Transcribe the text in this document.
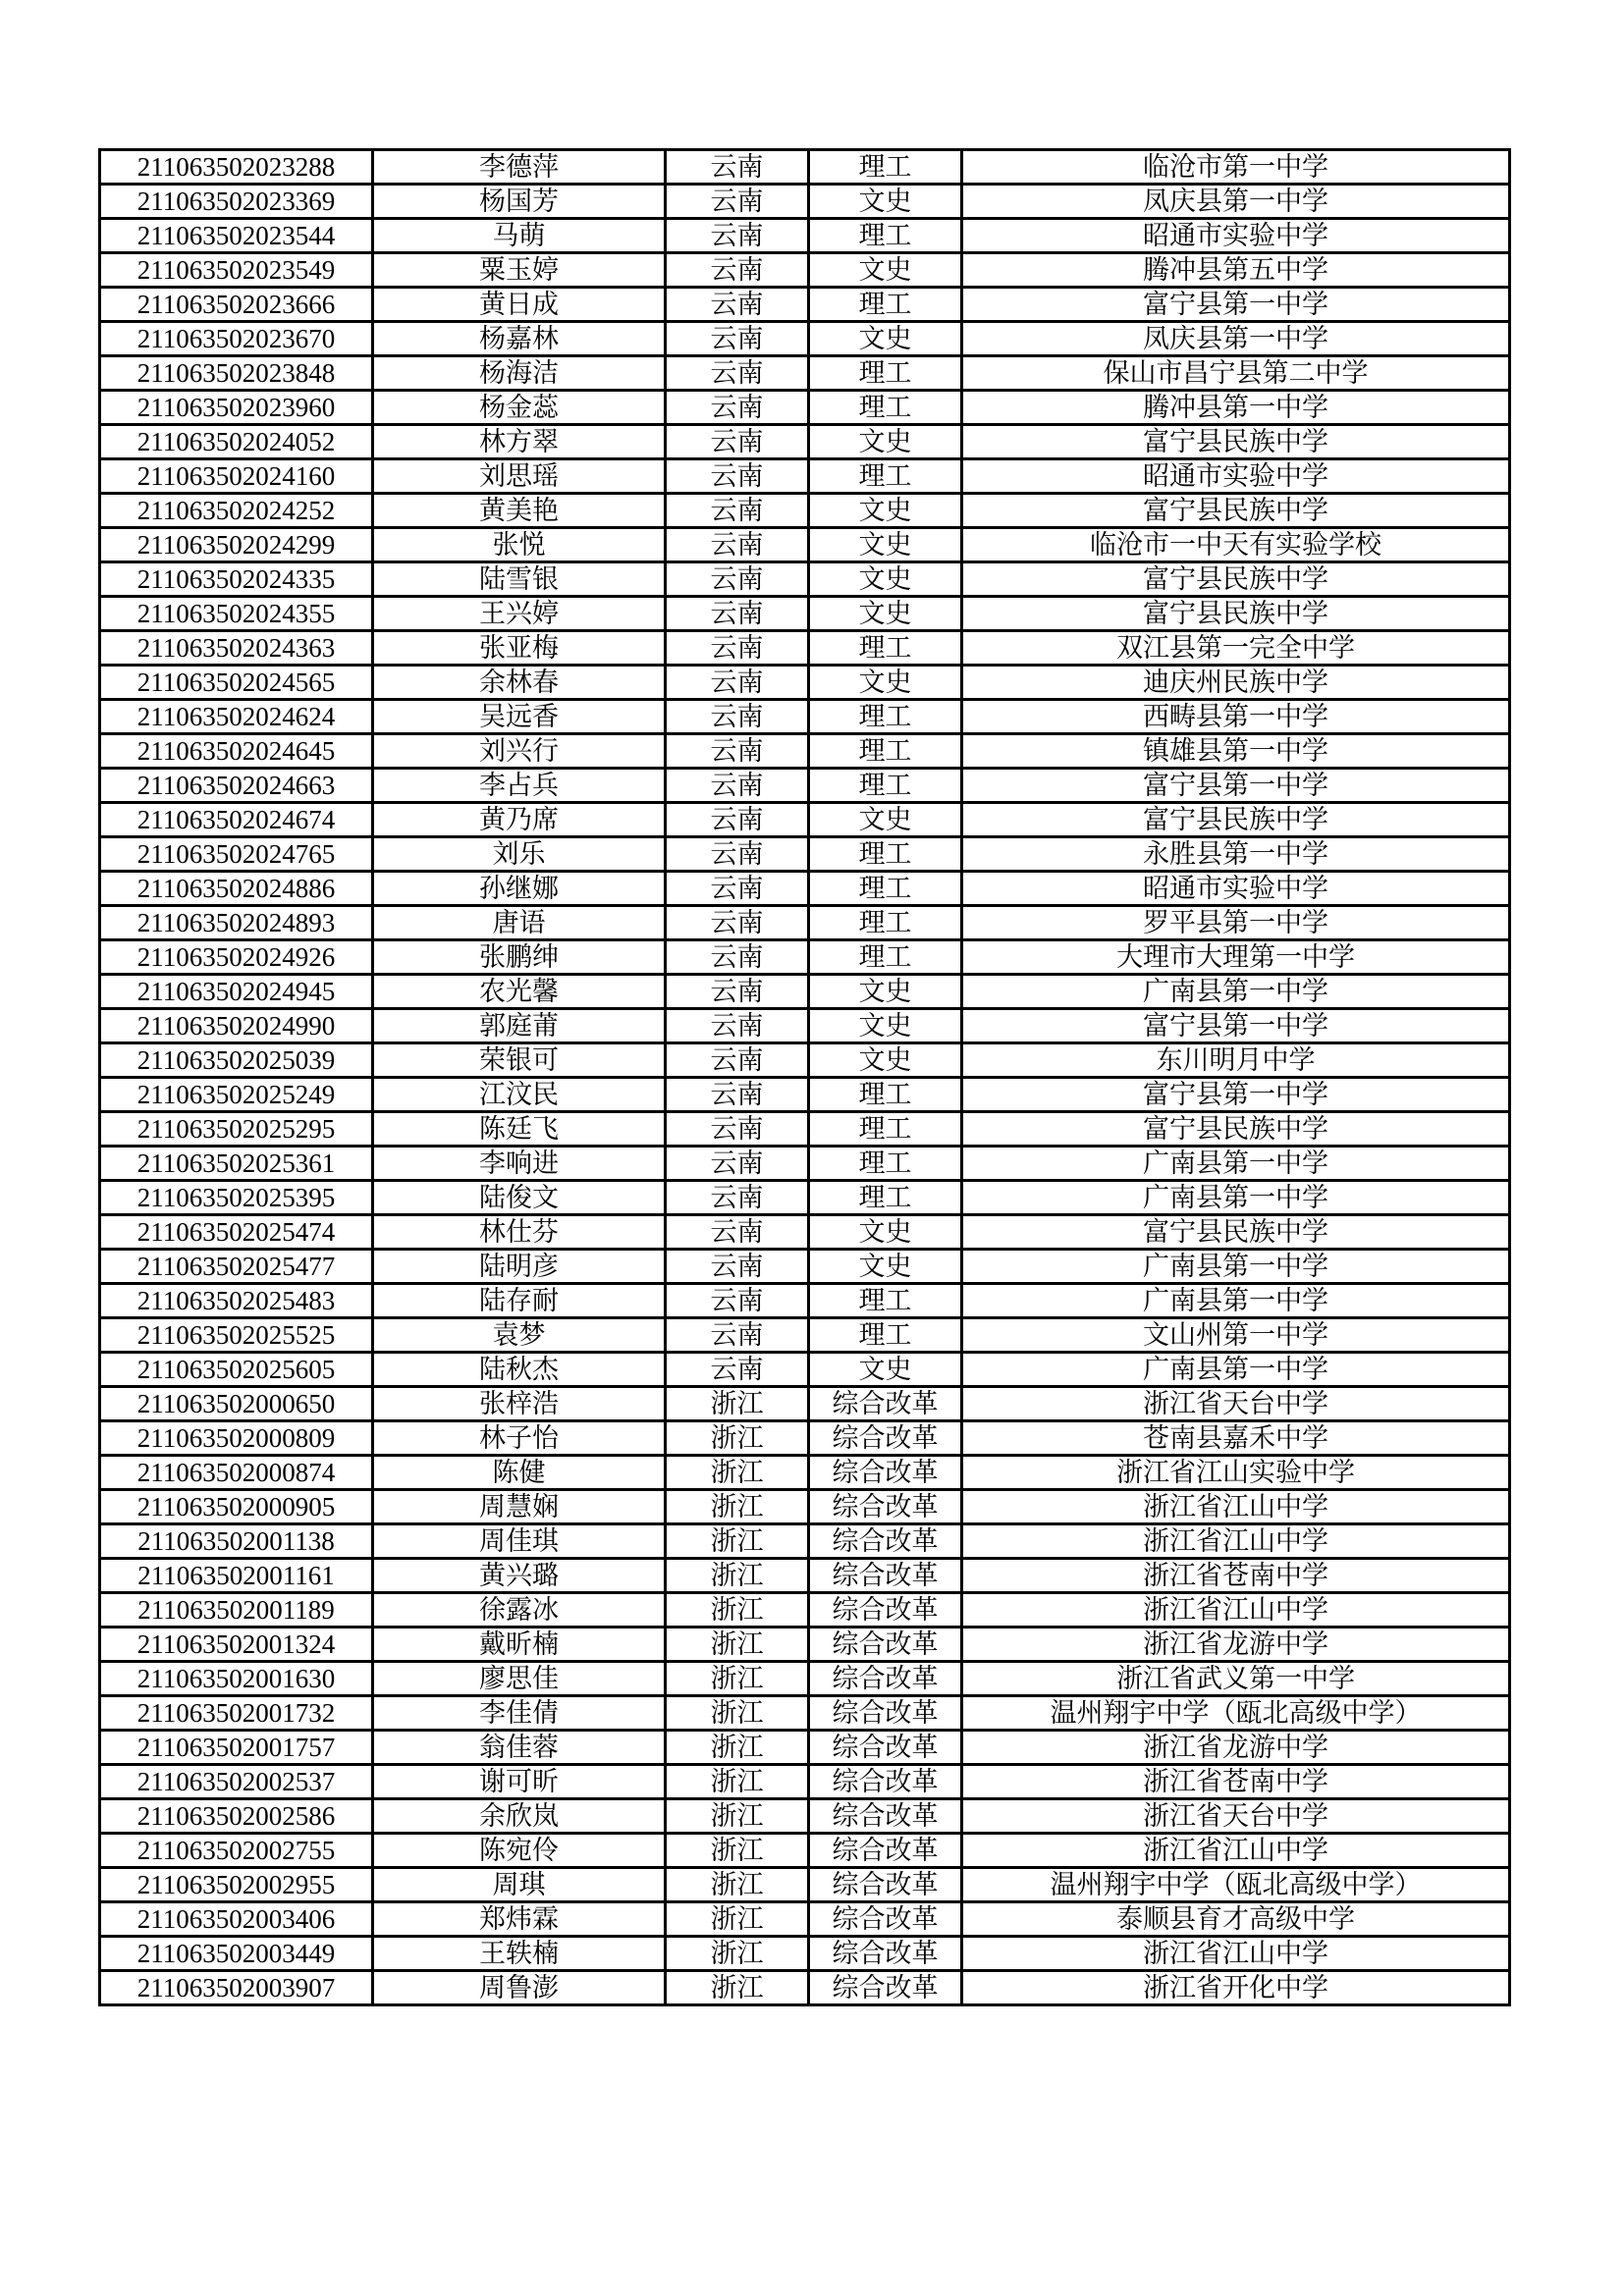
211063502023288	李德萍	云南	理工	临沧市第一中学
211063502023369	杨国芳	云南	文史	凤庆县第一中学
211063502023544	马萌	云南	理工	昭通市实验中学
211063502023549	粟玉婷	云南	文史	腾冲县第五中学
211063502023666	黄日成	云南	理工	富宁县第一中学
211063502023670	杨嘉林	云南	文史	凤庆县第一中学
211063502023848	杨海洁	云南	理工	保山市昌宁县第二中学
211063502023960	杨金蕊	云南	理工	腾冲县第一中学
211063502024052	林方翠	云南	文史	富宁县民族中学
211063502024160	刘思瑶	云南	理工	昭通市实验中学
211063502024252	黄美艳	云南	文史	富宁县民族中学
211063502024299	张悦	云南	文史	临沧市一中天有实验学校
211063502024335	陆雪银	云南	文史	富宁县民族中学
211063502024355	王兴婷	云南	文史	富宁县民族中学
211063502024363	张亚梅	云南	理工	双江县第一完全中学
211063502024565	余林春	云南	文史	迪庆州民族中学
211063502024624	吴远香	云南	理工	西畴县第一中学
211063502024645	刘兴行	云南	理工	镇雄县第一中学
211063502024663	李占兵	云南	理工	富宁县第一中学
211063502024674	黄乃席	云南	文史	富宁县民族中学
211063502024765	刘乐	云南	理工	永胜县第一中学
211063502024886	孙继娜	云南	理工	昭通市实验中学
211063502024893	唐语	云南	理工	罗平县第一中学
211063502024926	张鹏绅	云南	理工	大理市大理第一中学
211063502024945	农光馨	云南	文史	广南县第一中学
211063502024990	郭庭莆	云南	文史	富宁县第一中学
211063502025039	荣银可	云南	文史	东川明月中学
211063502025249	江汶民	云南	理工	富宁县第一中学
211063502025295	陈廷飞	云南	理工	富宁县民族中学
211063502025361	李响进	云南	理工	广南县第一中学
211063502025395	陆俊文	云南	理工	广南县第一中学
211063502025474	林仕芬	云南	文史	富宁县民族中学
211063502025477	陆明彦	云南	文史	广南县第一中学
211063502025483	陆存耐	云南	理工	广南县第一中学
211063502025525	袁梦	云南	理工	文山州第一中学
211063502025605	陆秋杰	云南	文史	广南县第一中学
211063502000650	张梓浩	浙江	综合改革	浙江省天台中学
211063502000809	林子怡	浙江	综合改革	苍南县嘉禾中学
211063502000874	陈健	浙江	综合改革	浙江省江山实验中学
211063502000905	周慧娴	浙江	综合改革	浙江省江山中学
211063502001138	周佳琪	浙江	综合改革	浙江省江山中学
211063502001161	黄兴璐	浙江	综合改革	浙江省苍南中学
211063502001189	徐露冰	浙江	综合改革	浙江省江山中学
211063502001324	戴昕楠	浙江	综合改革	浙江省龙游中学
211063502001630	廖思佳	浙江	综合改革	浙江省武义第一中学
211063502001732	李佳倩	浙江	综合改革	温州翔宇中学（瓯北高级中学）
211063502001757	翁佳蓉	浙江	综合改革	浙江省龙游中学
211063502002537	谢可昕	浙江	综合改革	浙江省苍南中学
211063502002586	余欣岚	浙江	综合改革	浙江省天台中学
211063502002755	陈宛伶	浙江	综合改革	浙江省江山中学
211063502002955	周琪	浙江	综合改革	温州翔宇中学（瓯北高级中学）
211063502003406	郑炜霖	浙江	综合改革	泰顺县育才高级中学
211063502003449	王轶楠	浙江	综合改革	浙江省江山中学
211063502003907	周鲁澎	浙江	综合改革	浙江省开化中学
